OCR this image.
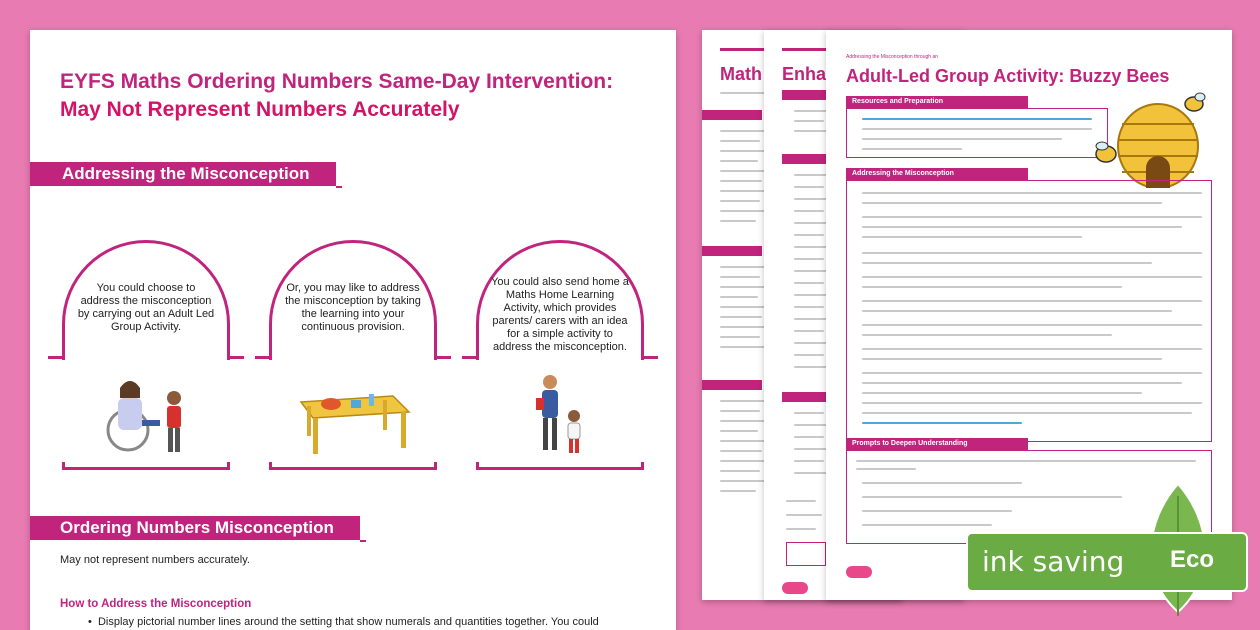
Math Enha
Addressing the Misconception through an
Adult-Led Group Activity: Buzzy Bees
Resources and Preparation
Addressing the Misconception
Prompts to Deepen Understanding
EYFS Maths Ordering Numbers Same-Day Intervention:
May Not Represent Numbers Accurately
Addressing the Misconception
You could choose to address the misconception by carrying out an Adult Led Group Activity.
Or, you may like to address the misconception by taking the learning into your continuous provision.
You could also send home a Maths Home Learning Activity, which provides parents/ carers with an idea for a simple activity to address the misconception.
Ordering Numbers Misconception
May not represent numbers accurately.
How to Address the Misconception
•  Display pictorial number lines around the setting that show numerals and quantities together. You could
ink saving Eco
